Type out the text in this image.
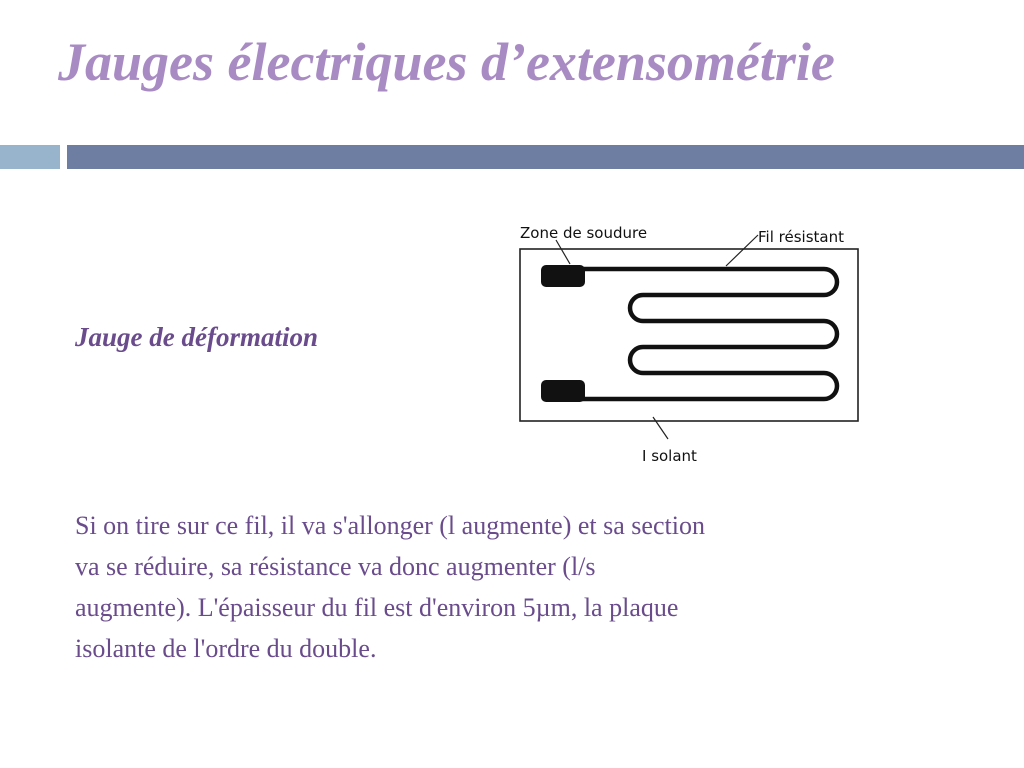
Jauges électriques d’extensométrie
Jauge de déformation
Zone de soudure	Fil résistant
I solant
Si on tire sur ce fil, il va s'allonger (l augmente) et sa section
va se réduire, sa résistance va donc augmenter (l/s
augmente). L'épaisseur du fil est d'environ 5µm, la plaque
isolante de l'ordre du double.
